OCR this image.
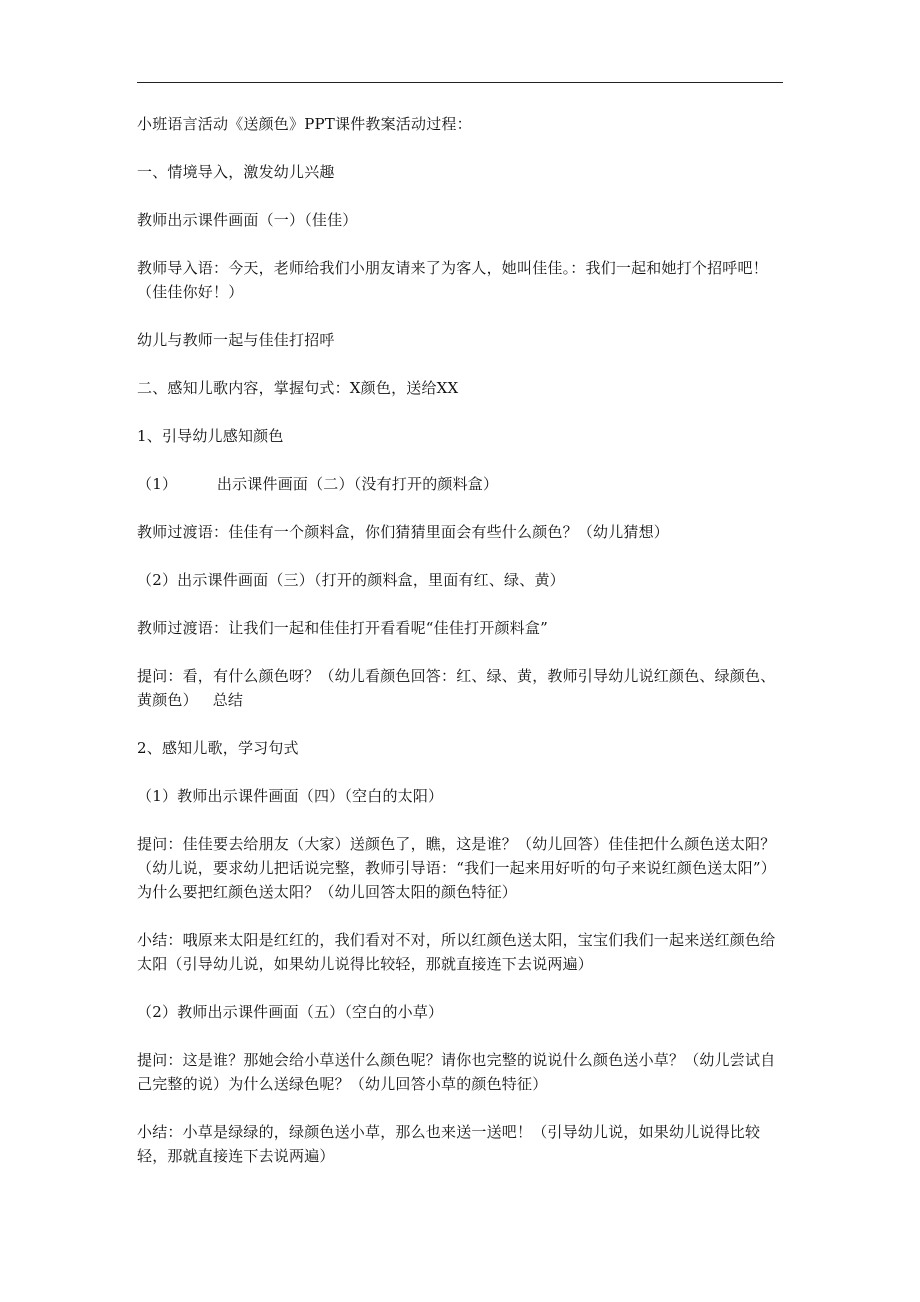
小班语言活动《送颜色》PPT课件教案活动过程：

一、情境导入，激发幼儿兴趣

教师出示课件画面（一）（佳佳）

教师导入语：今天，老师给我们小朋友请来了为客人，她叫佳佳。：我们一起和她打个招呼吧！（佳佳你好！）

幼儿与教师一起与佳佳打招呼

二、感知儿歌内容，掌握句式：X颜色，送给XX

1、引导幼儿感知颜色

（1）        出示课件画面（二）（没有打开的颜料盒）

教师过渡语：佳佳有一个颜料盒，你们猜猜里面会有些什么颜色？（幼儿猜想）

（2）出示课件画面（三）（打开的颜料盒，里面有红、绿、黄）

教师过渡语：让我们一起和佳佳打开看看呢“佳佳打开颜料盒”

提问：看，有什么颜色呀？（幼儿看颜色回答：红、绿、黄，教师引导幼儿说红颜色、绿颜色、黄颜色）   总结

2、感知儿歌，学习句式

（1）教师出示课件画面（四）（空白的太阳）

提问：佳佳要去给朋友（大家）送颜色了，瞧，这是谁？（幼儿回答）佳佳把什么颜色送太阳？（幼儿说，要求幼儿把话说完整，教师引导语：“我们一起来用好听的句子来说红颜色送太阳”）为什么要把红颜色送太阳？（幼儿回答太阳的颜色特征）

小结：哦原来太阳是红红的，我们看对不对，所以红颜色送太阳，宝宝们我们一起来送红颜色给太阳（引导幼儿说，如果幼儿说得比较轻，那就直接连下去说两遍）

（2）教师出示课件画面（五）（空白的小草）

提问：这是谁？那她会给小草送什么颜色呢？请你也完整的说说什么颜色送小草？（幼儿尝试自己完整的说）为什么送绿色呢？（幼儿回答小草的颜色特征）

小结：小草是绿绿的，绿颜色送小草，那么也来送一送吧！（引导幼儿说，如果幼儿说得比较轻，那就直接连下去说两遍）
